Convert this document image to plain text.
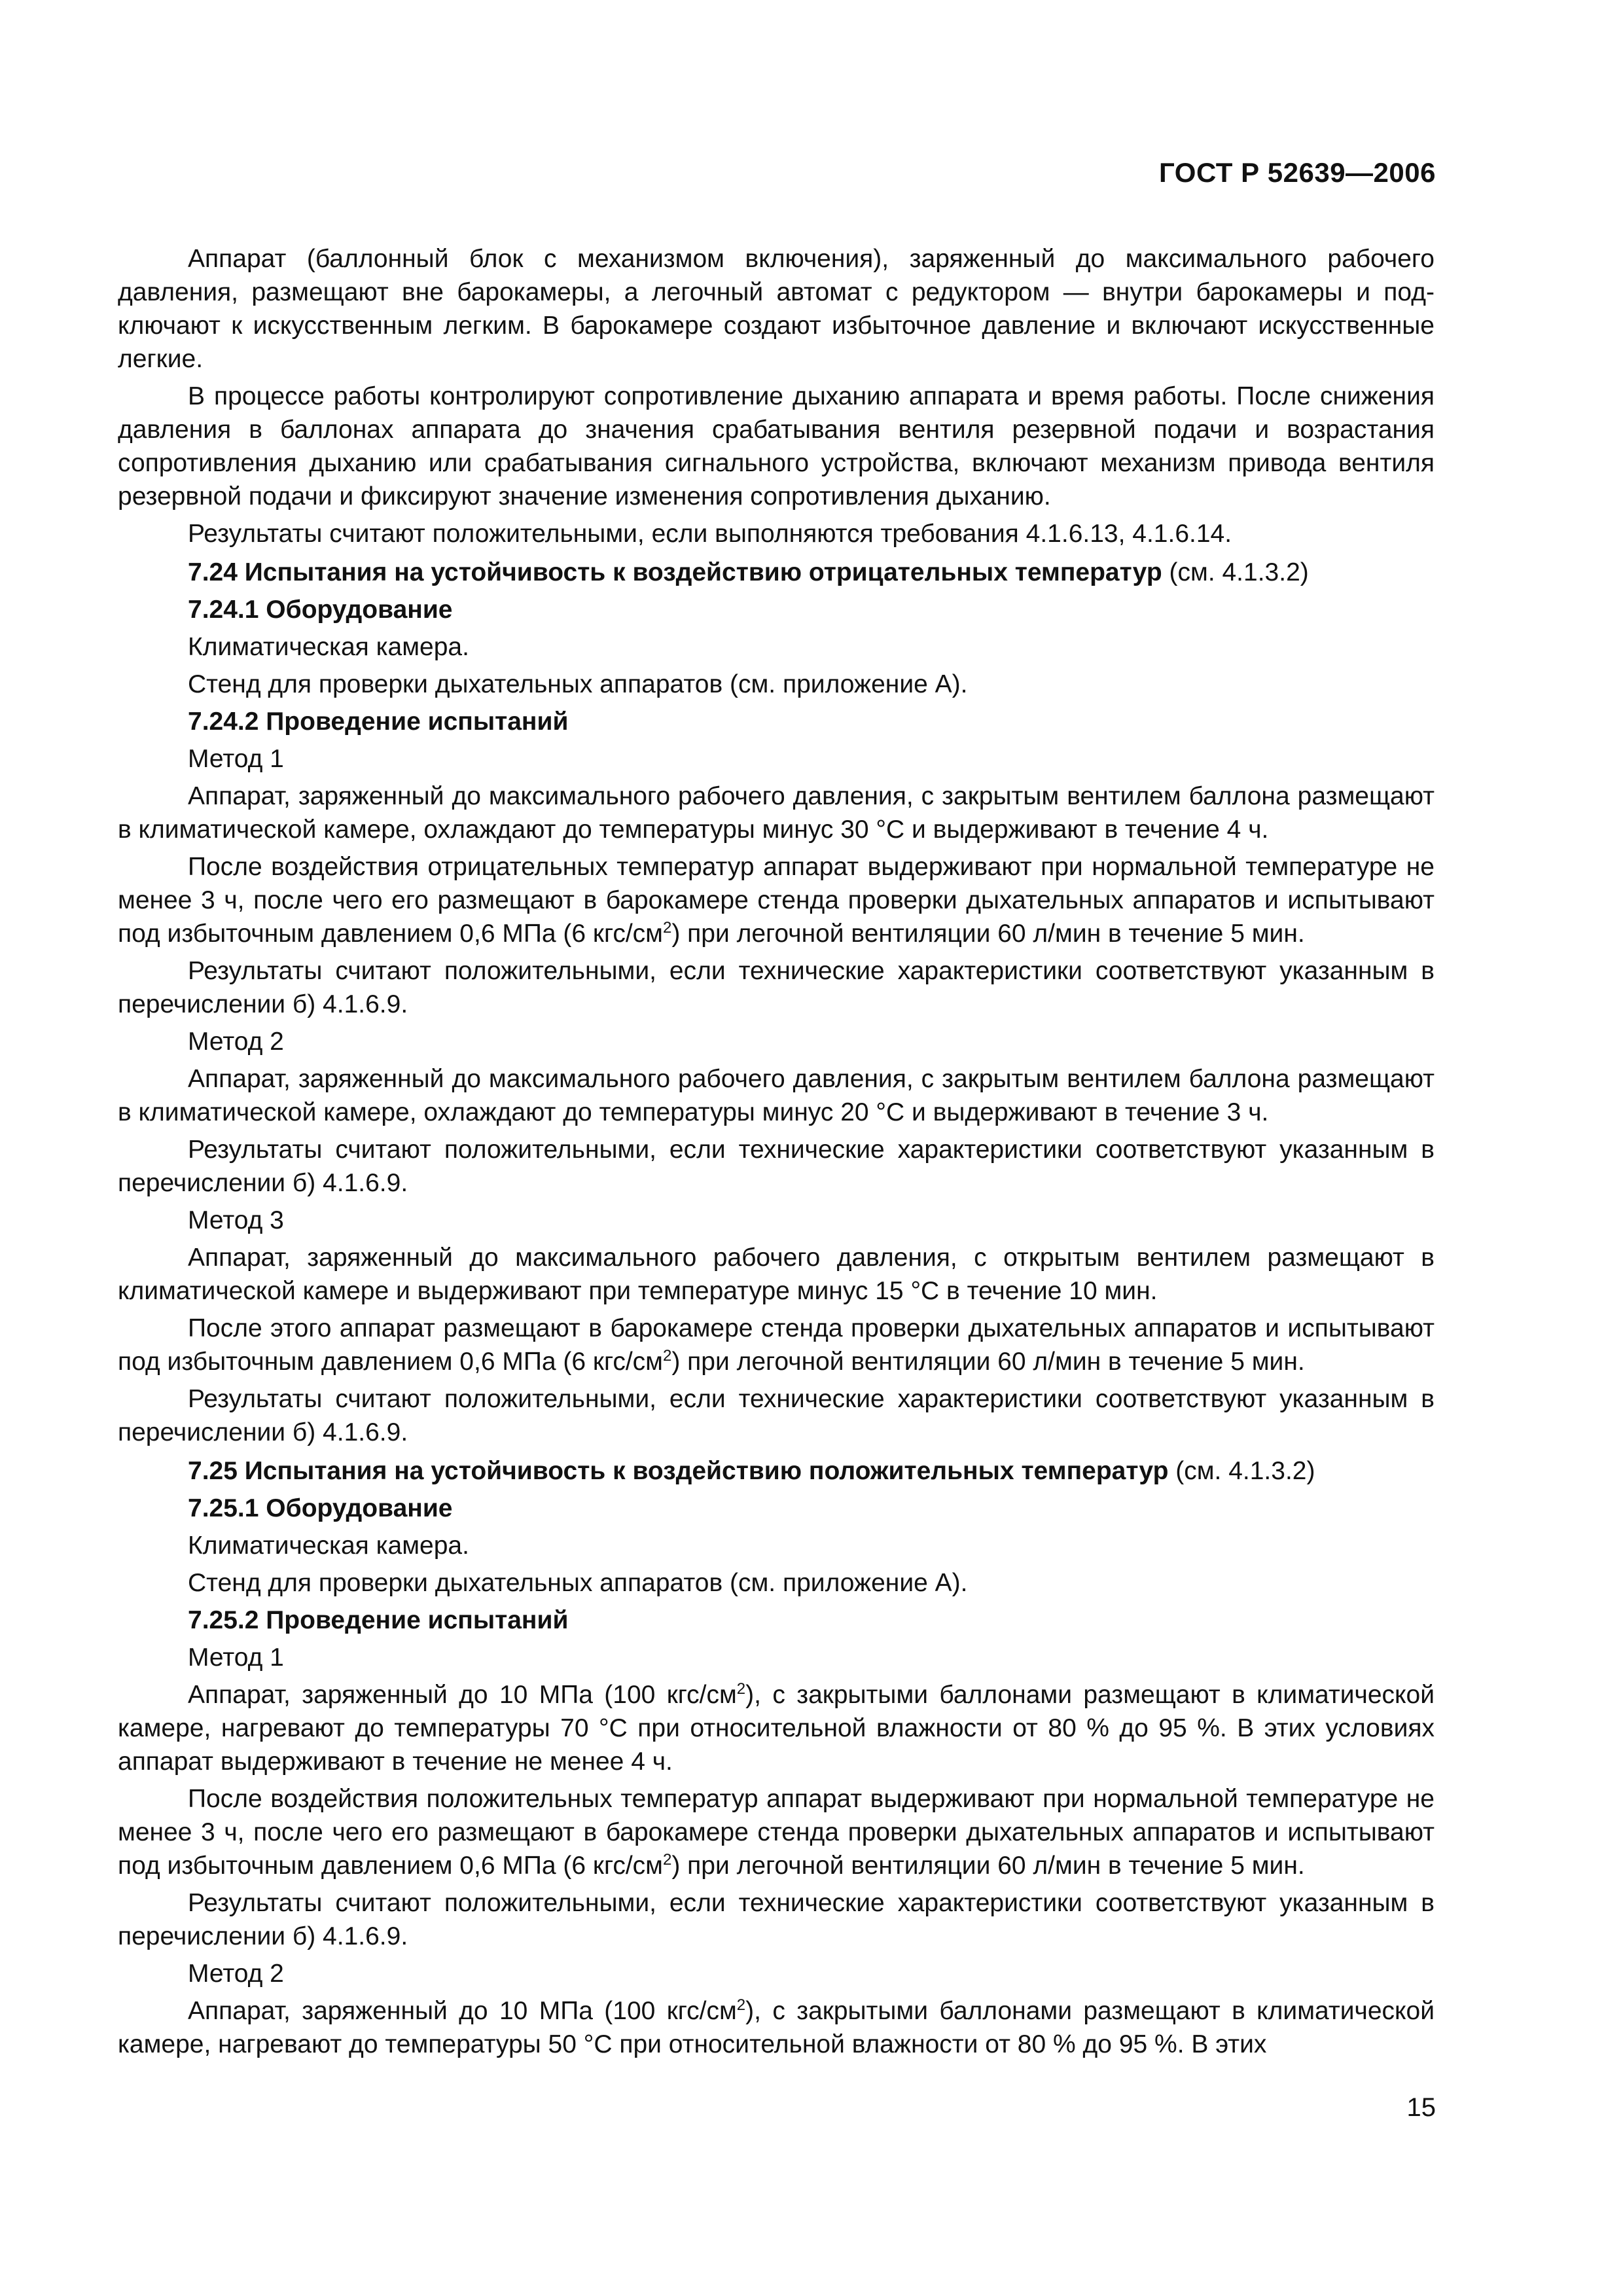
ГОСТ Р 52639—2006

Аппарат (баллонный блок с механизмом включения), заряженный до максимального рабочего давления, размещают вне барокамеры, а легочный автомат с редуктором — внутри барокамеры и подключают к искусственным легким. В барокамере создают избыточное давление и включают искусственные легкие.

В процессе работы контролируют сопротивление дыханию аппарата и время работы. После снижения давления в баллонах аппарата до значения срабатывания вентиля резервной подачи и возрастания сопротивления дыханию или срабатывания сигнального устройства, включают механизм привода вентиля резервной подачи и фиксируют значение изменения сопротивления дыханию.

Результаты считают положительными, если выполняются требования 4.1.6.13, 4.1.6.14.

7.24 Испытания на устойчивость к воздействию отрицательных температур (см. 4.1.3.2)

7.24.1 Оборудование

Климатическая камера.

Стенд для проверки дыхательных аппаратов (см. приложение А).

7.24.2 Проведение испытаний

Метод 1

Аппарат, заряженный до максимального рабочего давления, с закрытым вентилем баллона размещают в климатической камере, охлаждают до температуры минус 30 °С и выдерживают в течение 4 ч.

После воздействия отрицательных температур аппарат выдерживают при нормальной температуре не менее 3 ч, после чего его размещают в барокамере стенда проверки дыхательных аппаратов и испытывают под избыточным давлением 0,6 МПа (6 кгс/$см^2$) при легочной вентиляции 60 л/мин в течение 5 мин.

Результаты считают положительными, если технические характеристики соответствуют указанным в перечислении б) 4.1.6.9.

Метод 2

Аппарат, заряженный до максимального рабочего давления, с закрытым вентилем баллона размещают в климатической камере, охлаждают до температуры минус 20 °С и выдерживают в течение 3 ч.

Результаты считают положительными, если технические характеристики соответствуют указанным в перечислении б) 4.1.6.9.

Метод 3

Аппарат, заряженный до максимального рабочего давления, с открытым вентилем размещают в климатической камере и выдерживают при температуре минус 15 °С в течение 10 мин.

После этого аппарат размещают в барокамере стенда проверки дыхательных аппаратов и испытывают под избыточным давлением 0,6 МПа (6 кгс/$см^2$) при легочной вентиляции 60 л/мин в течение 5 мин.

Результаты считают положительными, если технические характеристики соответствуют указанным в перечислении б) 4.1.6.9.

7.25 Испытания на устойчивость к воздействию положительных температур (см. 4.1.3.2)

7.25.1 Оборудование

Климатическая камера.

Стенд для проверки дыхательных аппаратов (см. приложение А).

7.25.2 Проведение испытаний

Метод 1

Аппарат, заряженный до 10 МПа (100 кгс/$см^2$), с закрытыми баллонами размещают в климатической камере, нагревают до температуры 70 °С при относительной влажности от 80 % до 95 %. В этих условиях аппарат выдерживают в течение не менее 4 ч.

После воздействия положительных температур аппарат выдерживают при нормальной температуре не менее 3 ч, после чего его размещают в барокамере стенда проверки дыхательных аппаратов и испытывают под избыточным давлением 0,6 МПа (6 кгс/$см^2$) при легочной вентиляции 60 л/мин в течение 5 мин.

Результаты считают положительными, если технические характеристики соответствуют указанным в перечислении б) 4.1.6.9.

Метод 2

Аппарат, заряженный до 10 МПа (100 кгс/$см^2$), с закрытыми баллонами размещают в климатической камере, нагревают до температуры 50 °С при относительной влажности от 80 % до 95 %. В этих

15
